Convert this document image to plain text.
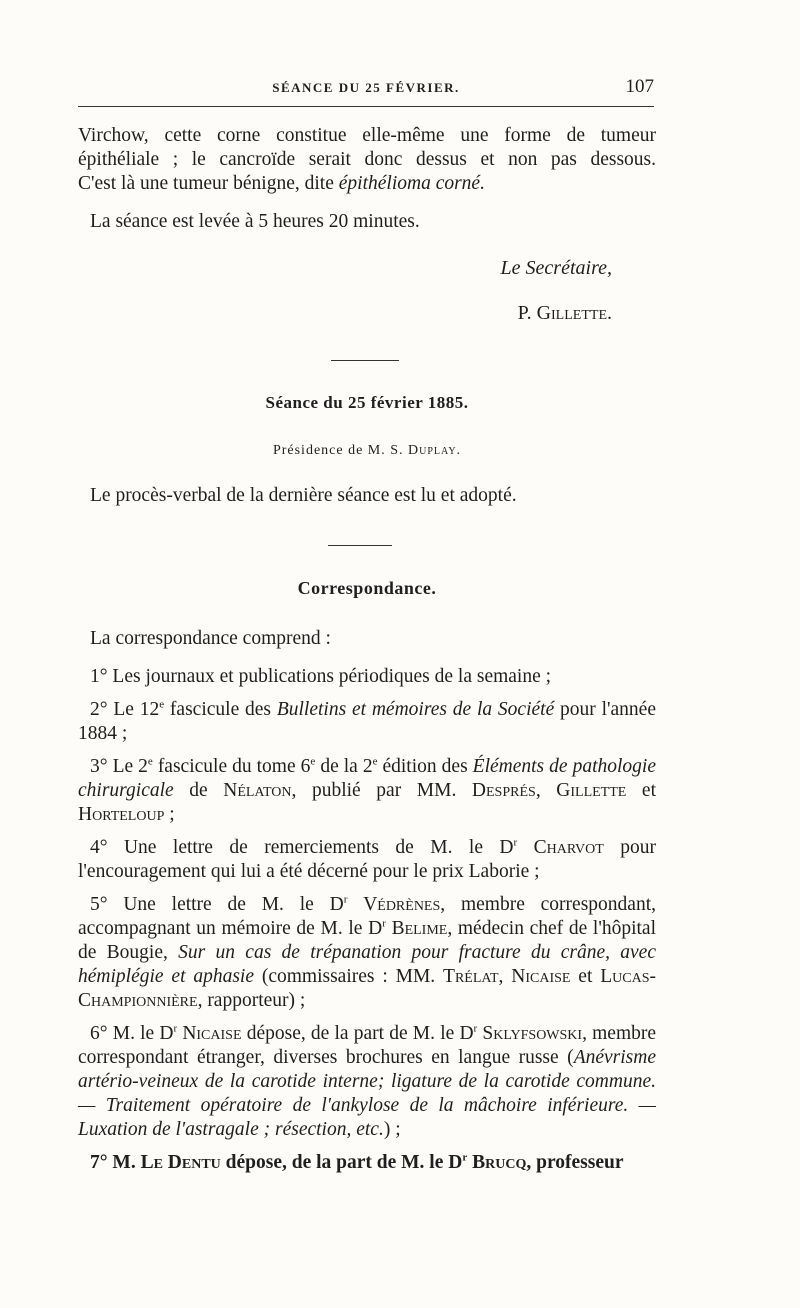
SÉANCE DU 25 FÉVRIER.	107
Virchow, cette corne constitue elle-même une forme de tumeur
épithéliale ; le cancroïde serait donc dessus et non pas dessous.
C'est là une tumeur bénigne, dite épithélioma corné.
La séance est levée à 5 heures 20 minutes.
Le Secrétaire,
P. Gillette.
Séance du 25 février 1885.
Présidence de M. S. Duplay.
Le procès-verbal de la dernière séance est lu et adopté.
Correspondance.

La correspondance comprend :

1° Les journaux et publications périodiques de la semaine ;

2° Le 12e fascicule des Bulletins et mémoires de la Société pour l'année 1884 ;

3° Le 2e fascicule du tome 6e de la 2e édition des Éléments de pathologie chirurgicale de Nélaton, publié par MM. Després, Gillette et Horteloup ;

4° Une lettre de remerciements de M. le $D^r$ Charvot pour l'encouragement qui lui a été décerné pour le prix Laborie ;

5° Une lettre de M. le $D^r$ Védrènes, membre correspondant, accompagnant un mémoire de M. le $D^r$ Belime, médecin chef de l'hôpital de Bougie, Sur un cas de trépanation pour fracture du crâne, avec hémiplégie et aphasie (commissaires : MM. Trélat, Nicaise et Lucas-Championnière, rapporteur) ;

6° M. le $D^r$ Nicaise dépose, de la part de M. le $D^r$ Sklyfsowski, membre correspondant étranger, diverses brochures en langue russe (Anévrisme artério-veineux de la carotide interne; ligature de la carotide commune. — Traitement opératoire de l'ankylose de la mâchoire inférieure. — Luxation de l'astragale ; résection, etc.) ;

7° M. Le Dentu dépose, de la part de M. le $D^r$ Brucq, professeur
